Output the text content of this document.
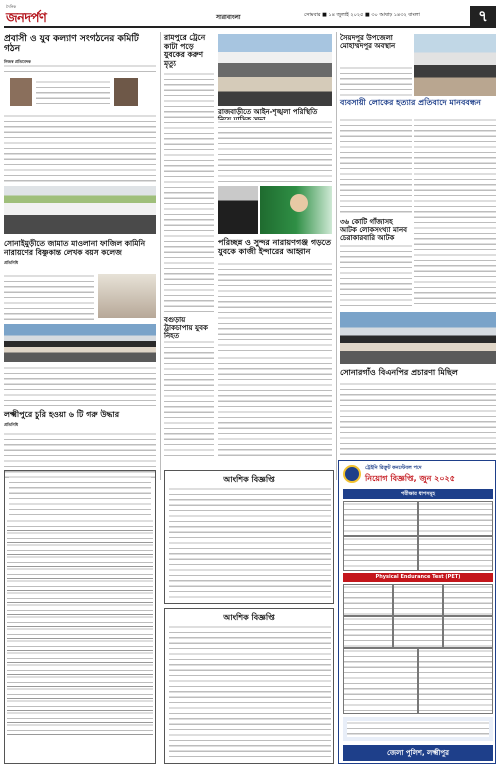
দৈনিক
জনদর্পণ	সারাবাংলা	সোমবার ■ ১৪ জুলাই ২০২৫ ■ ৩০ আষাঢ় ১৪৩২ বাংলা	৭
প্রবাসী ও যুব কল্যাণ সংগঠনের কমিটি গঠন
নিজস্ব প্রতিবেদক
সোনাইমুড়ীতে জামাত মাওলানা ফাজিল কামিনি নারায়ণের বিষ্ণুকান্ত লেখক বয়স কলেজ
প্রতিনিধি
লক্ষ্মীপুরে চুরি হওয়া ৬ টি গরু উদ্ধার
প্রতিনিধি
রামপুরে ট্রেনে কাটা পড়ে যুবকের করুণ মৃত্যু
রাজবাড়ীতে আইন-শৃঙ্খলা পরিস্থিতি
পরিচ্ছন্ন ও সুন্দর নারায়ণগঞ্জ গড়তে যুবকে কাজী ইন্দারের আহ্বান
বগুড়ায় ট্রাকচাপায় যুবক নিহত
সৈয়দপুর উপজেলা মোহাম্মদপুর অবস্থান
ব্যবসায়ী লোকের হত্যার প্রতিবাদে মানববন্ধন
৩৬ কোটি গাঁজাসহ আটক লোকসংখ্যা মানব চেরাকারবারি আটক
সোনারগাঁও বিএনপির প্রচারণা মিছিল
আংশিক বিজ্ঞপ্তি
আংশিক বিজ্ঞপ্তি
ট্রেইনি রিক্রুট কনস্টেবল পদে
নিয়োগ বিজ্ঞপ্তি, জুন ২০২৫
পরীক্ষার ধাপসমূহ
Physical Endurance Test (PET)
জেলা পুলিশ, লক্ষ্মীপুর
